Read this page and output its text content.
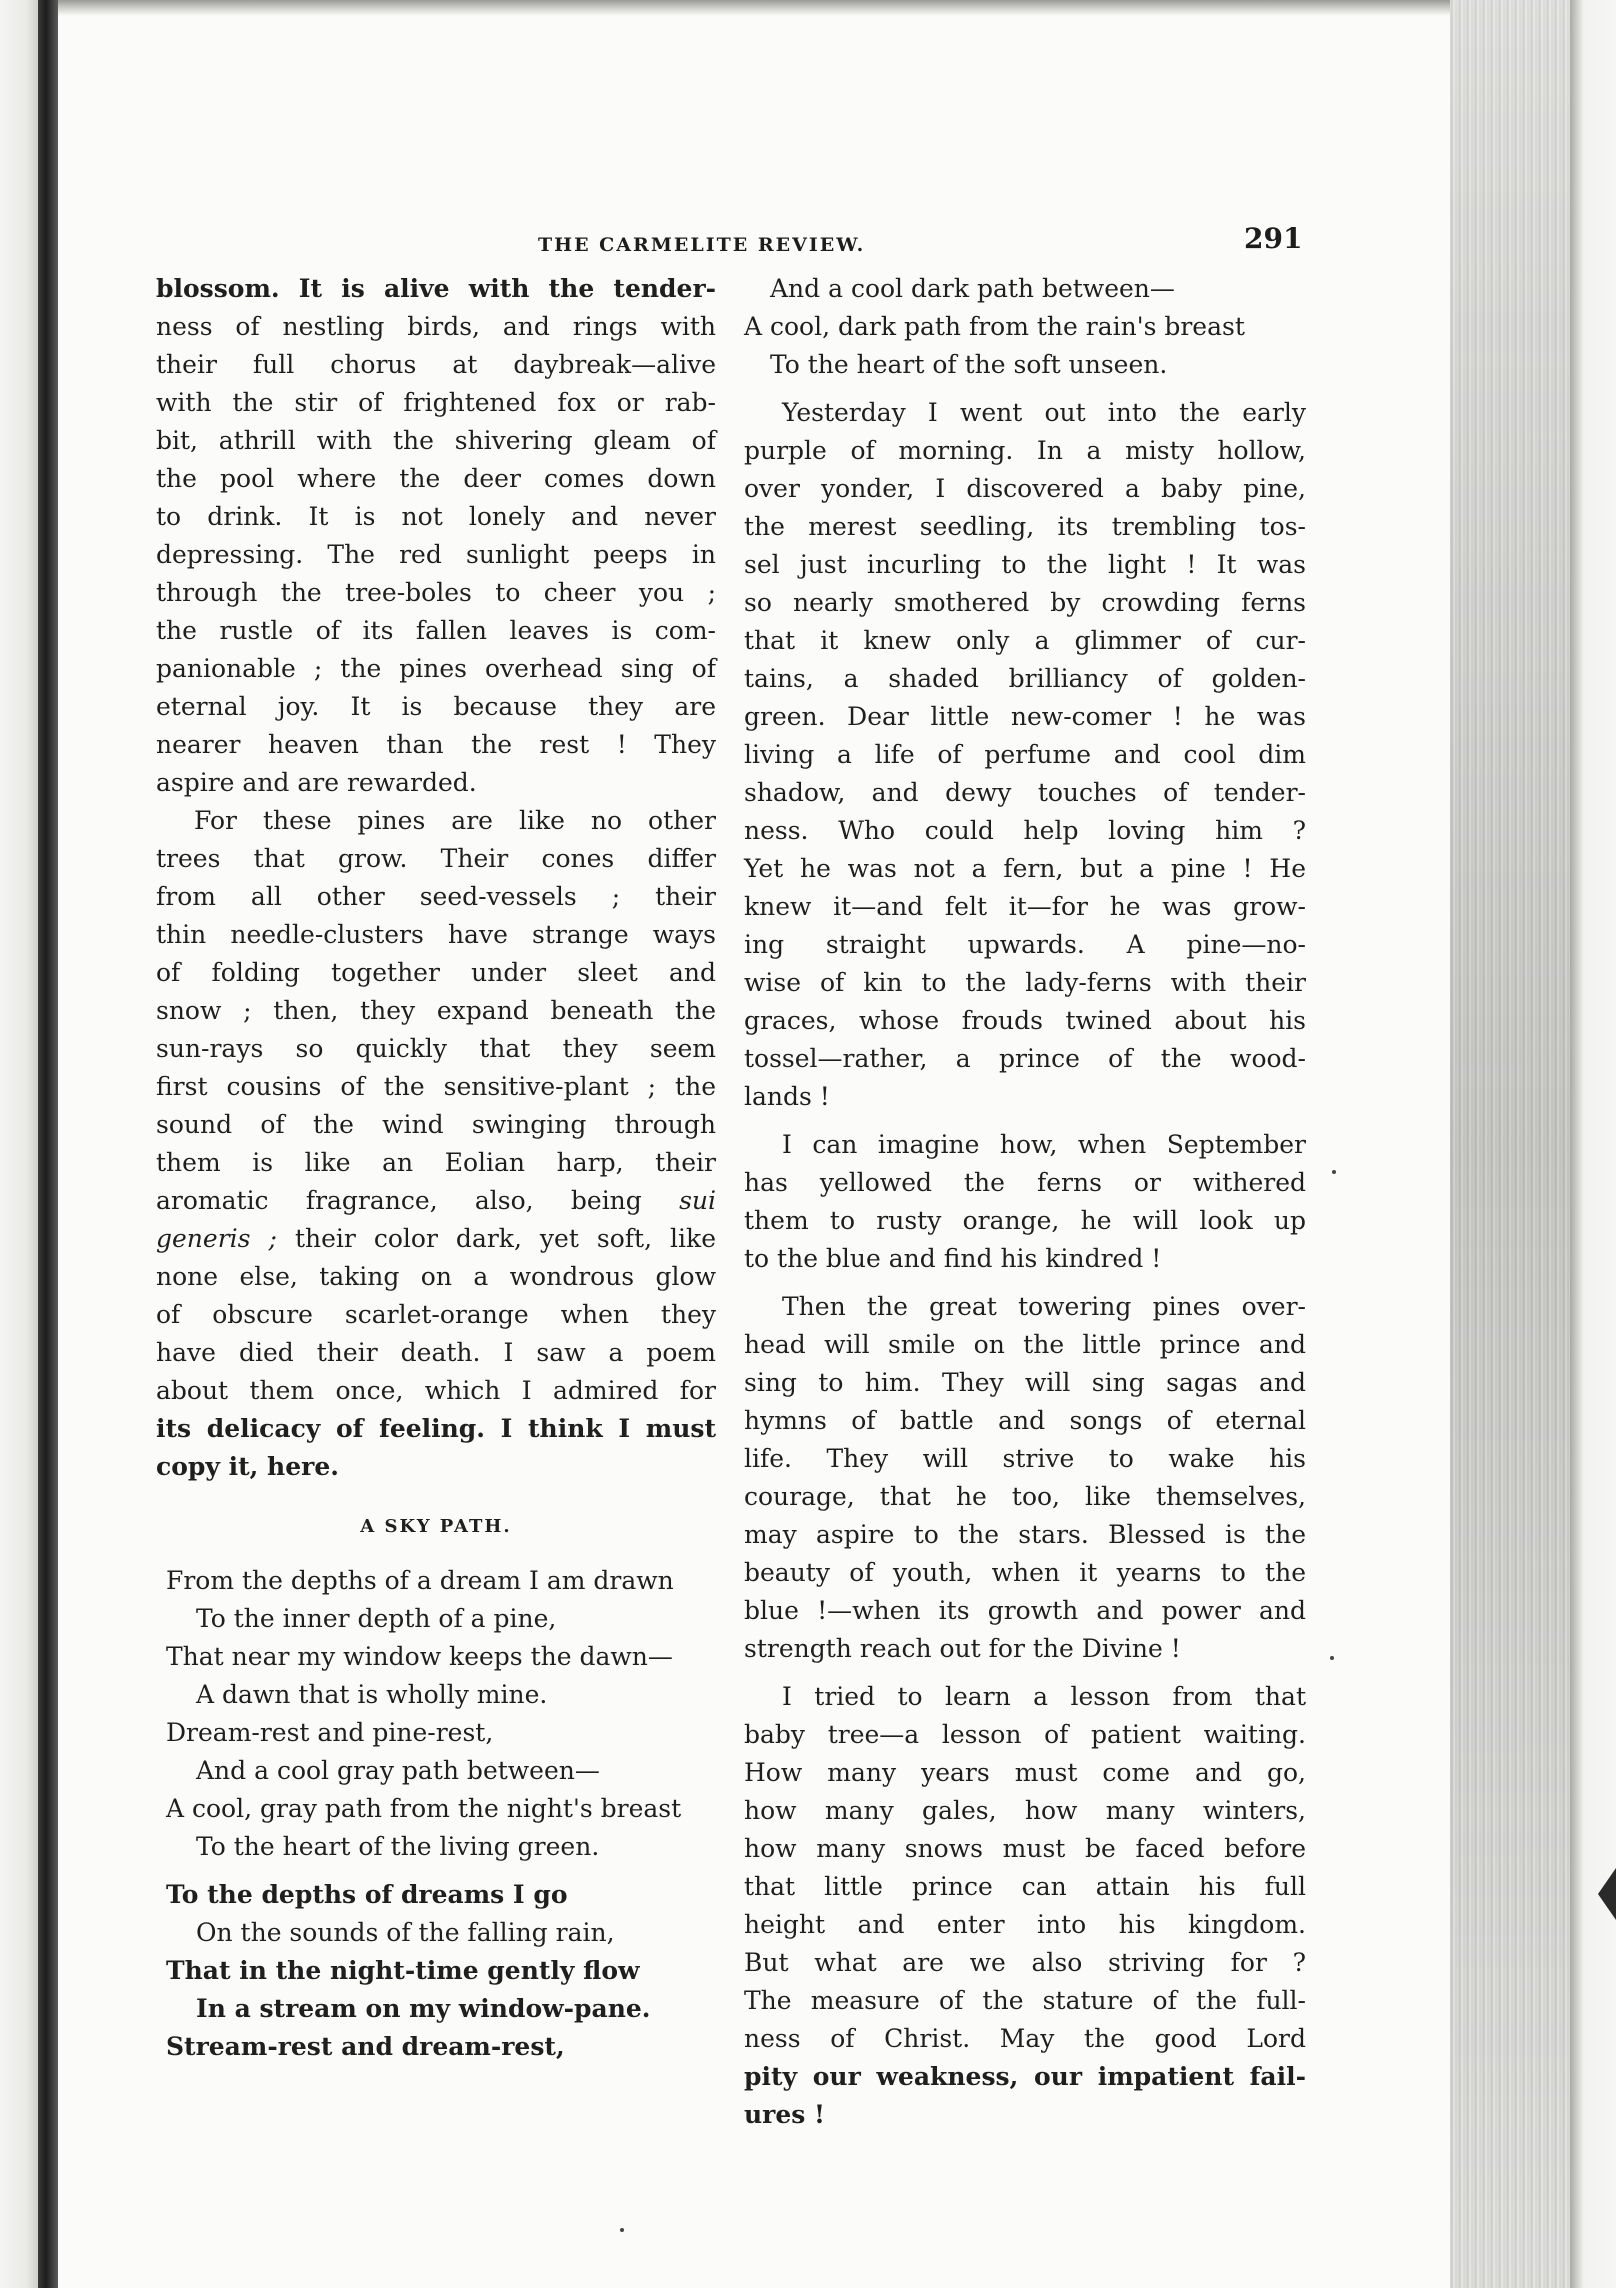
THE CARMELITE REVIEW.	291
blossom. It is alive with the tender-
ness of nestling birds, and rings with
their full chorus at daybreak—alive
with the stir of frightened fox or rab-
bit, athrill with the shivering gleam of
the pool where the deer comes down
to drink. It is not lonely and never
depressing. The red sunlight peeps in
through the tree-boles to cheer you ;
the rustle of its fallen leaves is com-
panionable ; the pines overhead sing of
eternal joy. It is because they are
nearer heaven than the rest ! They
aspire and are rewarded.
For these pines are like no other
trees that grow. Their cones differ
from all other seed-vessels ; their
thin needle-clusters have strange ways
of folding together under sleet and
snow ; then, they expand beneath the
sun-rays so quickly that they seem
first cousins of the sensitive-plant ; the
sound of the wind swinging through
them is like an Eolian harp, their
aromatic fragrance, also, being sui
generis ; their color dark, yet soft, like
none else, taking on a wondrous glow
of obscure scarlet-orange when they
have died their death. I saw a poem
about them once, which I admired for
its delicacy of feeling. I think I must
copy it, here.
A SKY PATH.
From the depths of a dream I am drawn
To the inner depth of a pine,
That near my window keeps the dawn—
A dawn that is wholly mine.
Dream-rest and pine-rest,
And a cool gray path between—
A cool, gray path from the night's breast
To the heart of the living green.
To the depths of dreams I go
On the sounds of the falling rain,
That in the night-time gently flow
In a stream on my window-pane.
Stream-rest and dream-rest,
And a cool dark path between—
A cool, dark path from the rain's breast
To the heart of the soft unseen.
Yesterday I went out into the early
purple of morning. In a misty hollow,
over yonder, I discovered a baby pine,
the merest seedling, its trembling tos-
sel just incurling to the light ! It was
so nearly smothered by crowding ferns
that it knew only a glimmer of cur-
tains, a shaded brilliancy of golden-
green. Dear little new-comer ! he was
living a life of perfume and cool dim
shadow, and dewy touches of tender-
ness. Who could help loving him ?
Yet he was not a fern, but a pine ! He
knew it—and felt it—for he was grow-
ing straight upwards. A pine—no-
wise of kin to the lady-ferns with their
graces, whose frouds twined about his
tossel—rather, a prince of the wood-
lands !
I can imagine how, when September
has yellowed the ferns or withered
them to rusty orange, he will look up
to the blue and find his kindred !
Then the great towering pines over-
head will smile on the little prince and
sing to him. They will sing sagas and
hymns of battle and songs of eternal
life. They will strive to wake his
courage, that he too, like themselves,
may aspire to the stars. Blessed is the
beauty of youth, when it yearns to the
blue !—when its growth and power and
strength reach out for the Divine !
I tried to learn a lesson from that
baby tree—a lesson of patient waiting.
How many years must come and go,
how many gales, how many winters,
how many snows must be faced before
that little prince can attain his full
height and enter into his kingdom.
But what are we also striving for ?
The measure of the stature of the full-
ness of Christ. May the good Lord
pity our weakness, our impatient fail-
ures !
